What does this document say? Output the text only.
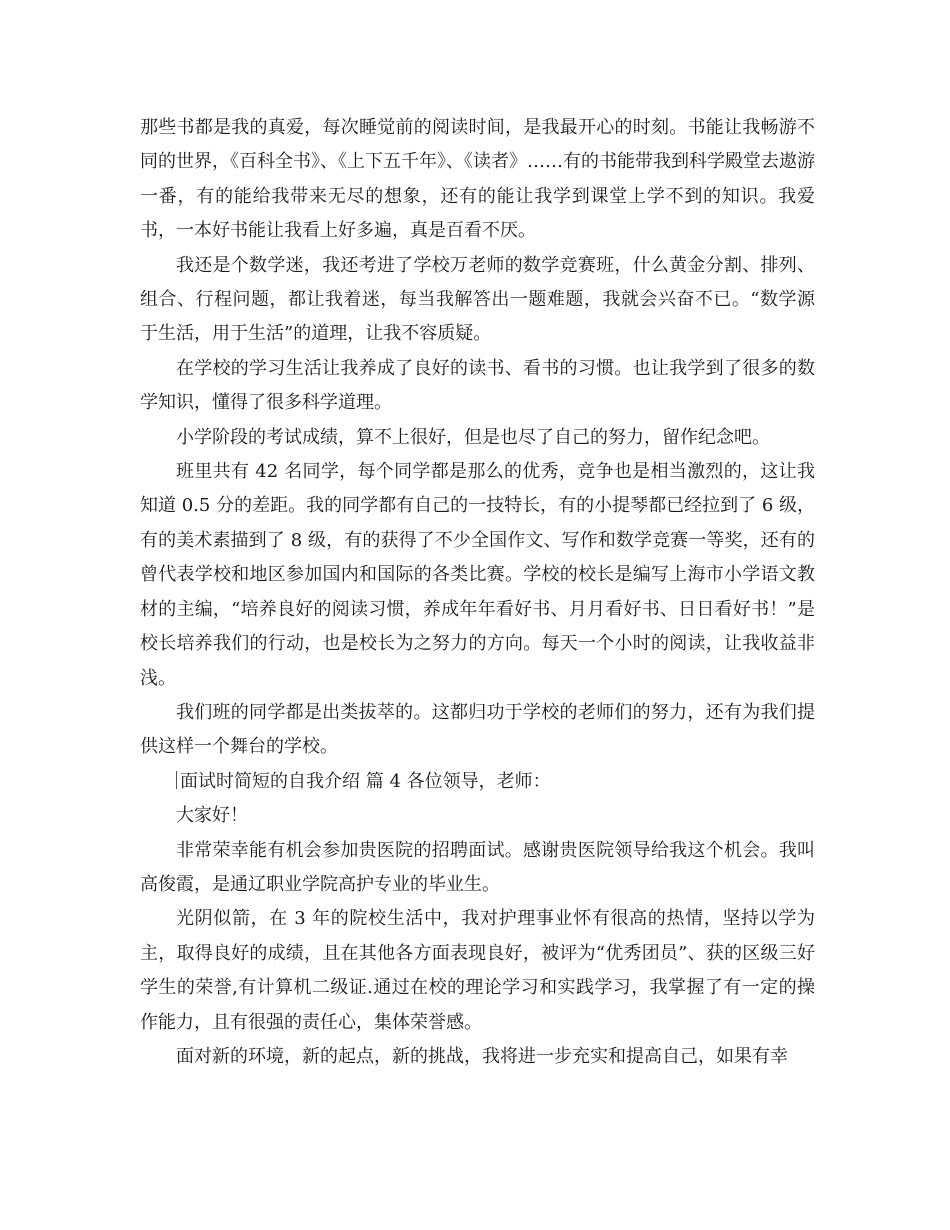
那些书都是我的真爱，每次睡觉前的阅读时间，是我最开心的时刻。书能让我畅游不同的世界，《百科全书》、《上下五千年》、《读者》……有的书能带我到科学殿堂去遨游一番，有的能给我带来无尽的想象，还有的能让我学到课堂上学不到的知识。我爱书，一本好书能让我看上好多遍，真是百看不厌。

我还是个数学迷，我还考进了学校万老师的数学竞赛班，什么黄金分割、排列、组合、行程问题，都让我着迷，每当我解答出一题难题，我就会兴奋不已。“数学源于生活，用于生活”的道理，让我不容质疑。

在学校的学习生活让我养成了良好的读书、看书的习惯。也让我学到了很多的数学知识，懂得了很多科学道理。

小学阶段的考试成绩，算不上很好，但是也尽了自己的努力，留作纪念吧。

班里共有 42 名同学，每个同学都是那么的优秀，竞争也是相当激烈的，这让我知道 0.5 分的差距。我的同学都有自己的一技特长，有的小提琴都已经拉到了 6 级，有的美术素描到了 8 级，有的获得了不少全国作文、写作和数学竞赛一等奖，还有的曾代表学校和地区参加国内和国际的各类比赛。学校的校长是编写上海市小学语文教材的主编，“培养良好的阅读习惯，养成年年看好书、月月看好书、日日看好书！”是校长培养我们的行动，也是校长为之努力的方向。每天一个小时的阅读，让我收益非浅。

我们班的同学都是出类拔萃的。这都归功于学校的老师们的努力，还有为我们提供这样一个舞台的学校。

面试时简短的自我介绍 篇 4 各位领导，老师：

大家好！

非常荣幸能有机会参加贵医院的招聘面试。感谢贵医院领导给我这个机会。我叫高俊霞，是通辽职业学院高护专业的毕业生。

光阴似箭，在 3 年的院校生活中，我对护理事业怀有很高的热情，坚持以学为主，取得良好的成绩，且在其他各方面表现良好，被评为“优秀团员”、获的区级三好学生的荣誉,有计算机二级证.通过在校的理论学习和实践学习，我掌握了有一定的操作能力，且有很强的责任心，集体荣誉感。

面对新的环境，新的起点，新的挑战，我将进一步充实和提高自己，如果有幸
